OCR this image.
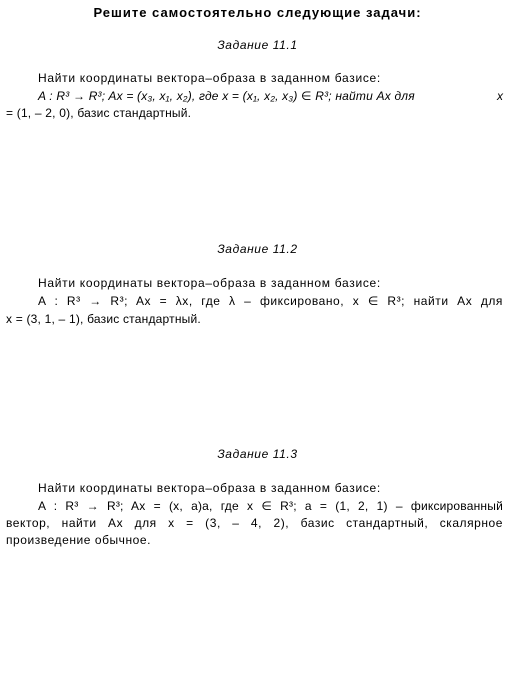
Решите самостоятельно следующие задачи:
Задание 11.1
Найти координаты вектора–образа в заданном базисе:
A : R³ → R³; Ax = (x₃, x₁, x₂), где x = (x₁, x₂, x₃) ∈ R³; найти Ax для	x
= (1, – 2, 0), базис стандартный.
Задание 11.2
Найти координаты вектора–образа в заданном базисе:
A : R³ → R³; Ax = λx, где λ – фиксировано, x ∈ R³; найти Ax для
x = (3, 1, – 1), базис стандартный.
Задание 11.3
Найти координаты вектора–образа в заданном базисе:
A : R³ → R³; Ax = (x, a)a, где x ∈ R³; a = (1, 2, 1) – фиксированный
вектор, найти Ax для x = (3, – 4, 2), базис стандартный, скалярное
произведение обычное.
